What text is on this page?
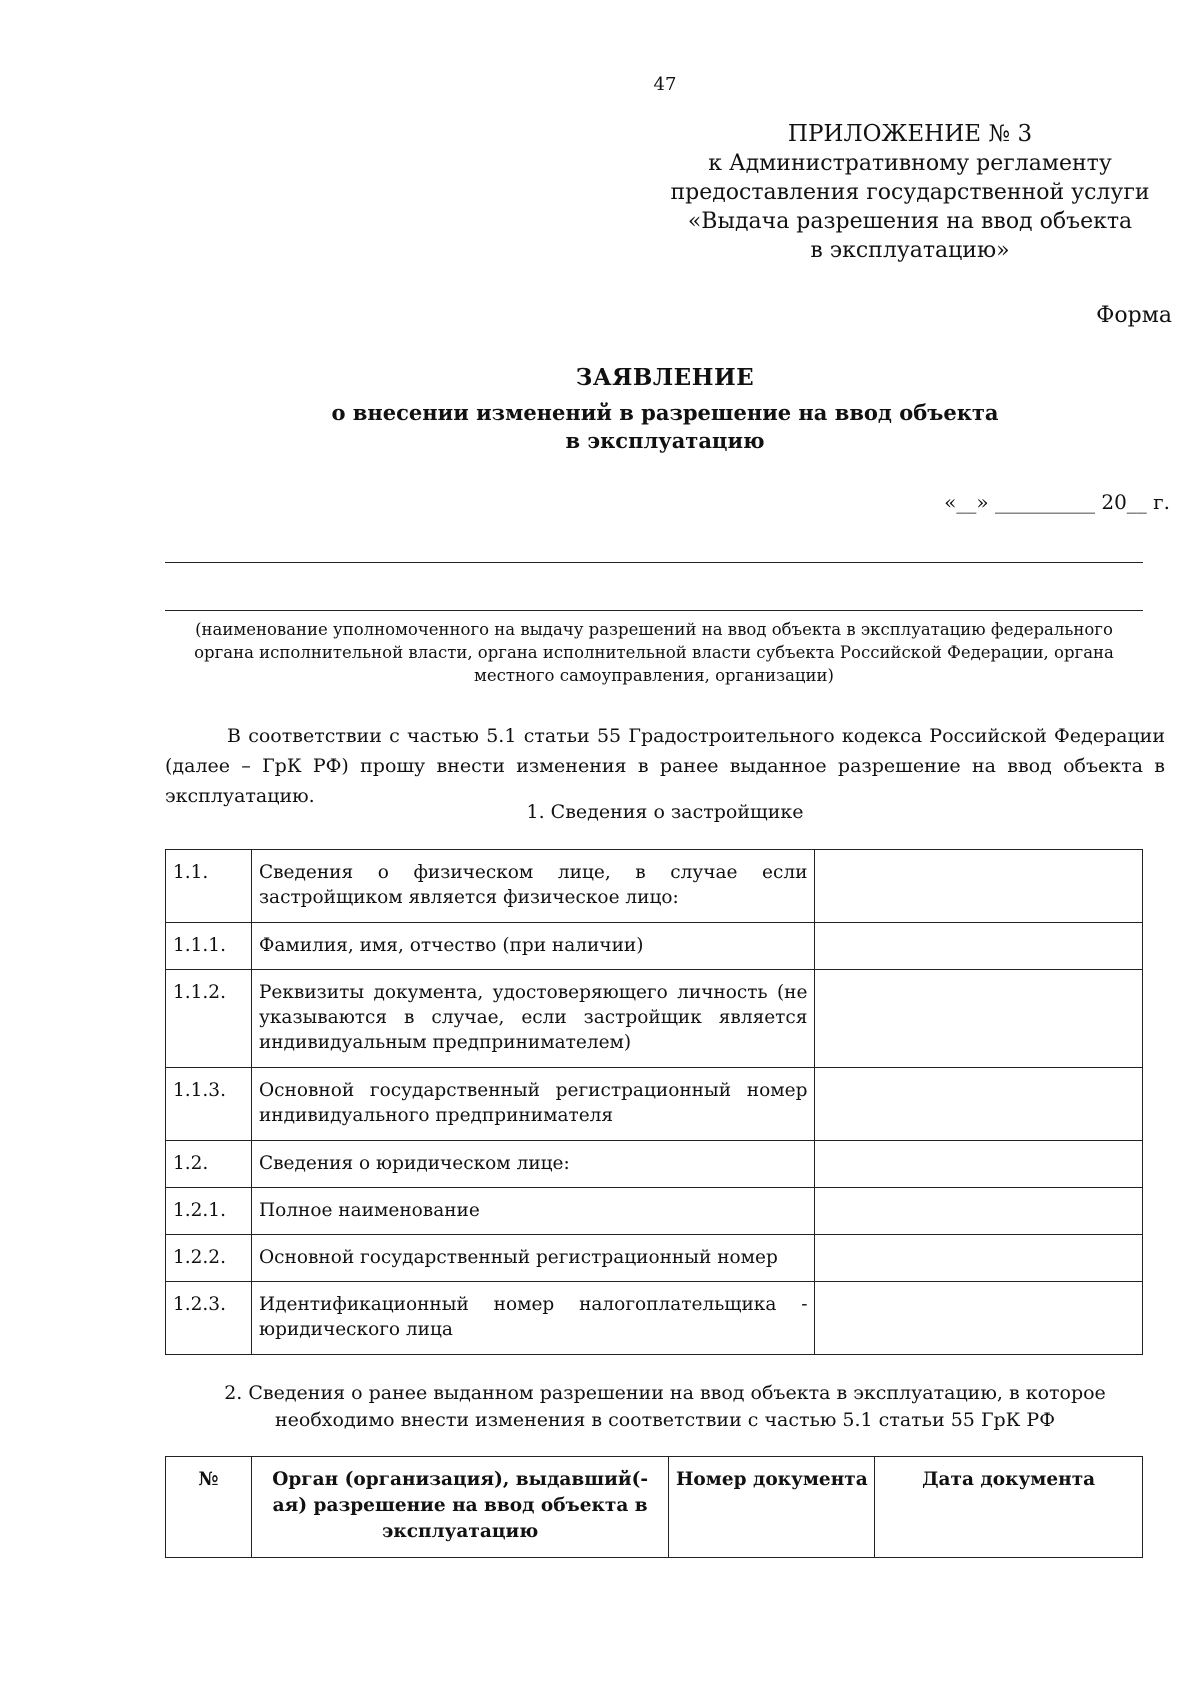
47
ПРИЛОЖЕНИЕ № 3
к Административному регламенту
предоставления государственной услуги
«Выдача разрешения на ввод объекта
в эксплуатацию»
Форма
ЗАЯВЛЕНИЕ
о внесении изменений в разрешение на ввод объекта
в эксплуатацию
«__» __________ 20__ г.
(наименование уполномоченного на выдачу разрешений на ввод объекта в эксплуатацию федерального органа исполнительной власти, органа исполнительной власти субъекта Российской Федерации, органа местного самоуправления, организации)
В соответствии с частью 5.1 статьи 55 Градостроительного кодекса Российской Федерации (далее – ГрК РФ) прошу внести изменения в ранее выданное разрешение на ввод объекта в эксплуатацию.
1. Сведения о застройщике
1.1.	Сведения о физическом лице, в случае если застройщиком является физическое лицо:	
1.1.1.	Фамилия, имя, отчество (при наличии)	
1.1.2.	Реквизиты документа, удостоверяющего личность (не указываются в случае, если застройщик является индивидуальным предпринимателем)	
1.1.3.	Основной государственный регистрационный номер индивидуального предпринимателя	
1.2.	Сведения о юридическом лице:	
1.2.1.	Полное наименование	
1.2.2.	Основной государственный регистрационный номер	
1.2.3.	Идентификационный номер налогоплательщика - юридического лица	
2. Сведения о ранее выданном разрешении на ввод объекта в эксплуатацию, в которое необходимо внести изменения в соответствии с частью 5.1 статьи 55 ГрК РФ
№	Орган (организация), выдавший(-ая) разрешение на ввод объекта в эксплуатацию	Номер документа	Дата документа
